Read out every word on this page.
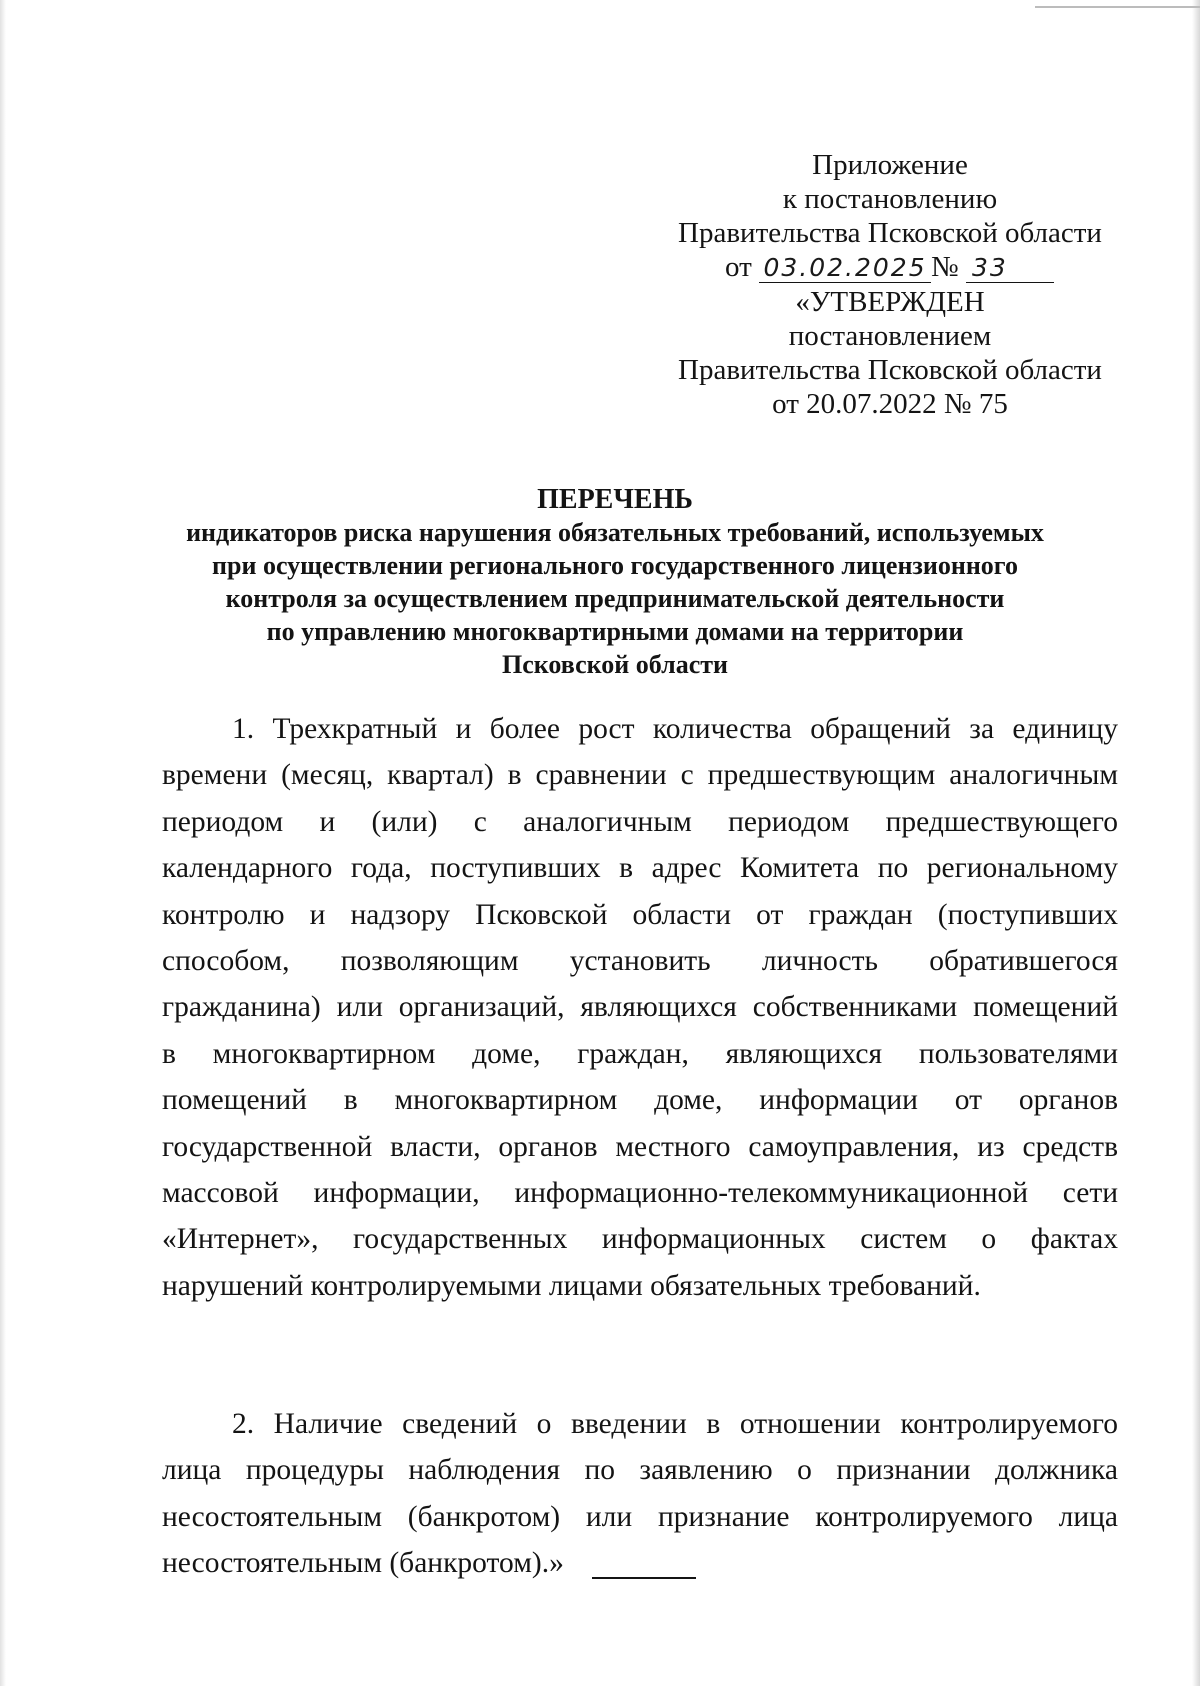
Приложение
к постановлению
Правительства Псковской области
от 03.02.2025 № 33
«УТВЕРЖДЕН
постановлением
Правительства Псковской области
от 20.07.2022 № 75
ПЕРЕЧЕНЬ
индикаторов риска нарушения обязательных требований, используемых
при осуществлении регионального государственного лицензионного
контроля за осуществлением предпринимательской деятельности
по управлению многоквартирными домами на территории
Псковской области
1. Трехкратный и более рост количества обращений за единицу
времени (месяц, квартал) в сравнении с предшествующим аналогичным
периодом и (или) с аналогичным периодом предшествующего
календарного года, поступивших в адрес Комитета по региональному
контролю и надзору Псковской области от граждан (поступивших
способом, позволяющим установить личность обратившегося
гражданина) или организаций, являющихся собственниками помещений
в многоквартирном доме, граждан, являющихся пользователями
помещений в многоквартирном доме, информации от органов
государственной власти, органов местного самоуправления, из средств
массовой информации, информационно-телекоммуникационной сети
«Интернет», государственных информационных систем о фактах
нарушений контролируемыми лицами обязательных требований.
2. Наличие сведений о введении в отношении контролируемого
лица процедуры наблюдения по заявлению о признании должника
несостоятельным (банкротом) или признание контролируемого лица
несостоятельным (банкротом).»
